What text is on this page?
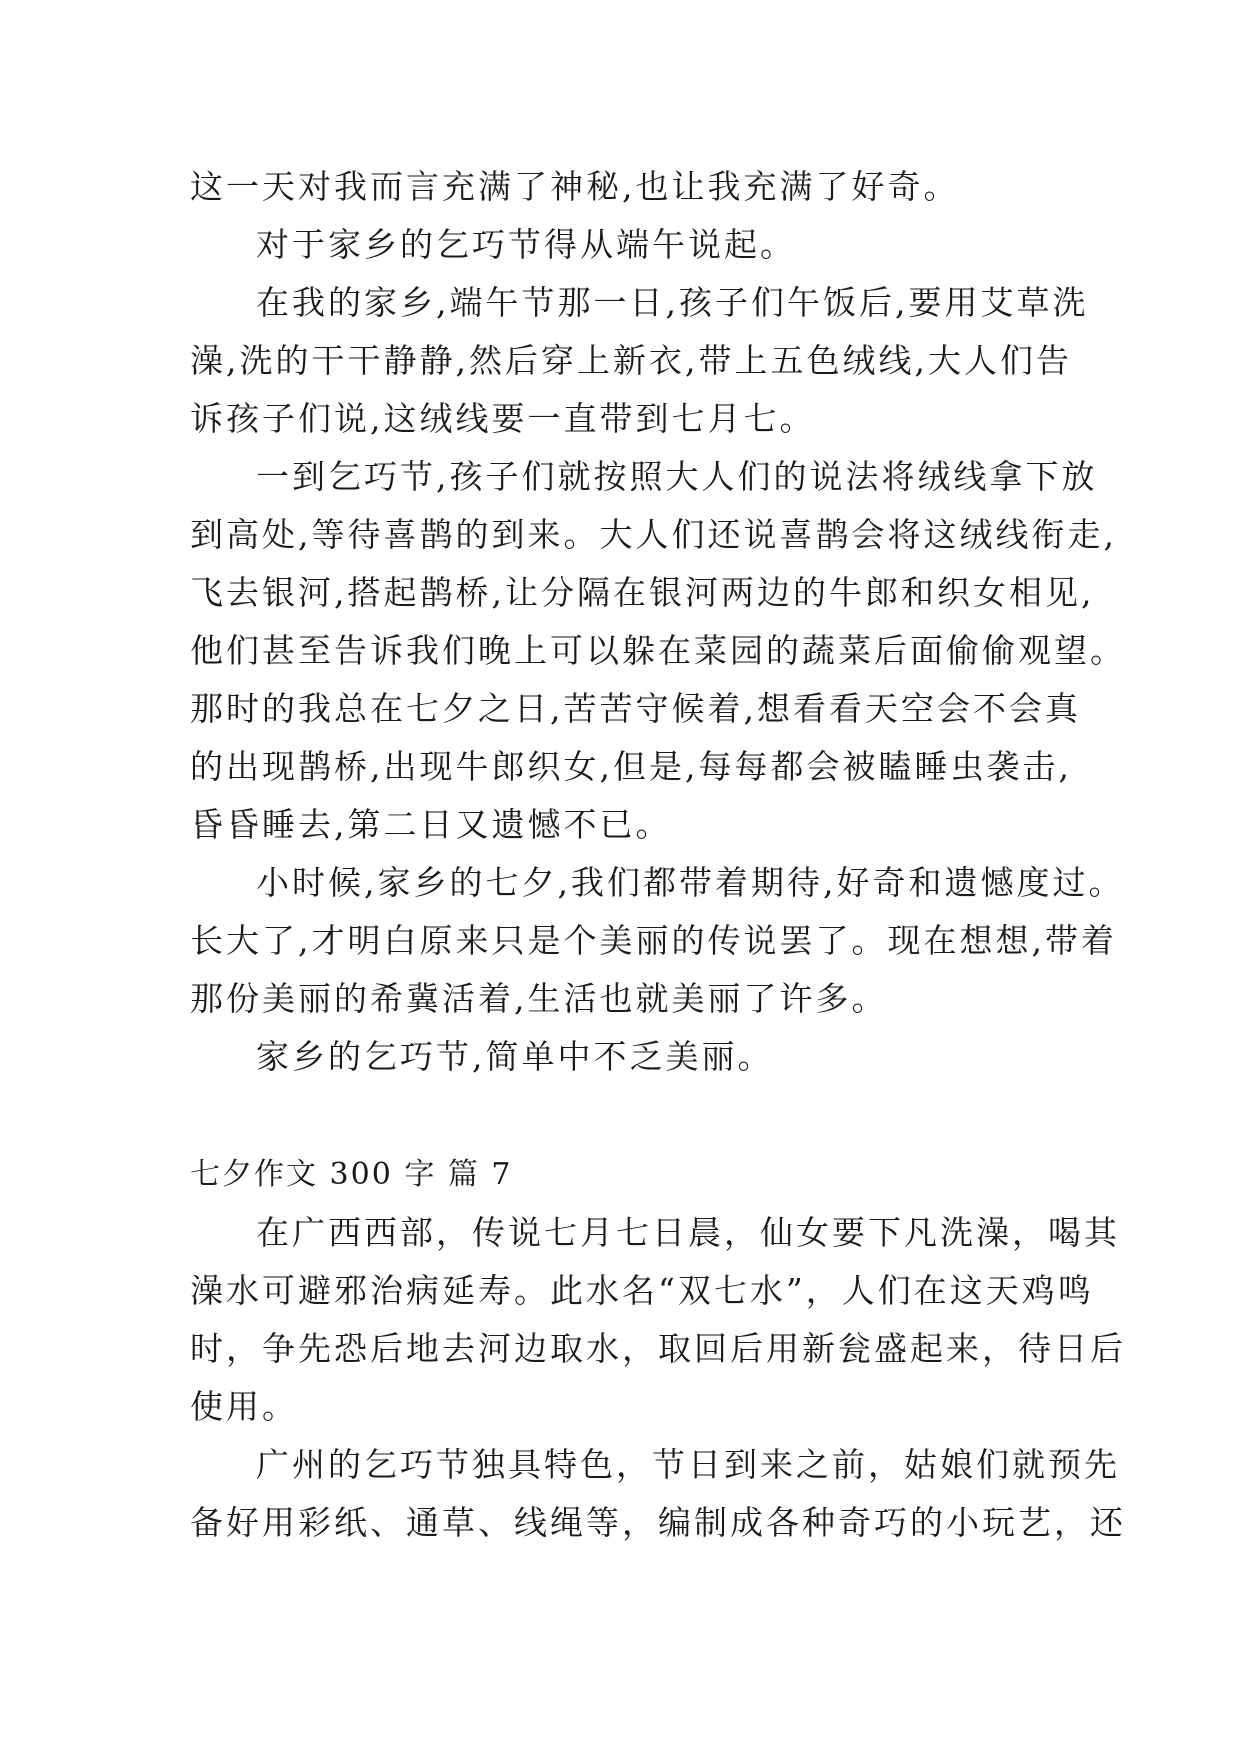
这一天对我而言充满了神秘,也让我充满了好奇。
对于家乡的乞巧节得从端午说起。
在我的家乡,端午节那一日,孩子们午饭后,要用艾草洗
澡,洗的干干静静,然后穿上新衣,带上五色绒线,大人们告
诉孩子们说,这绒线要一直带到七月七。
一到乞巧节,孩子们就按照大人们的说法将绒线拿下放
到高处,等待喜鹊的到来。大人们还说喜鹊会将这绒线衔走,
飞去银河,搭起鹊桥,让分隔在银河两边的牛郎和织女相见,
他们甚至告诉我们晚上可以躲在菜园的蔬菜后面偷偷观望。
那时的我总在七夕之日,苦苦守候着,想看看天空会不会真
的出现鹊桥,出现牛郎织女,但是,每每都会被瞌睡虫袭击,
昏昏睡去,第二日又遗憾不已。
小时候,家乡的七夕,我们都带着期待,好奇和遗憾度过。
长大了,才明白原来只是个美丽的传说罢了。现在想想,带着
那份美丽的希冀活着,生活也就美丽了许多。
家乡的乞巧节,简单中不乏美丽。
七夕作文 300 字 篇 7
在广西西部，传说七月七日晨，仙女要下凡洗澡，喝其
澡水可避邪治病延寿。此水名“双七水”，人们在这天鸡鸣
时，争先恐后地去河边取水，取回后用新瓮盛起来，待日后
使用。
广州的乞巧节独具特色，节日到来之前，姑娘们就预先
备好用彩纸、通草、线绳等，编制成各种奇巧的小玩艺，还
